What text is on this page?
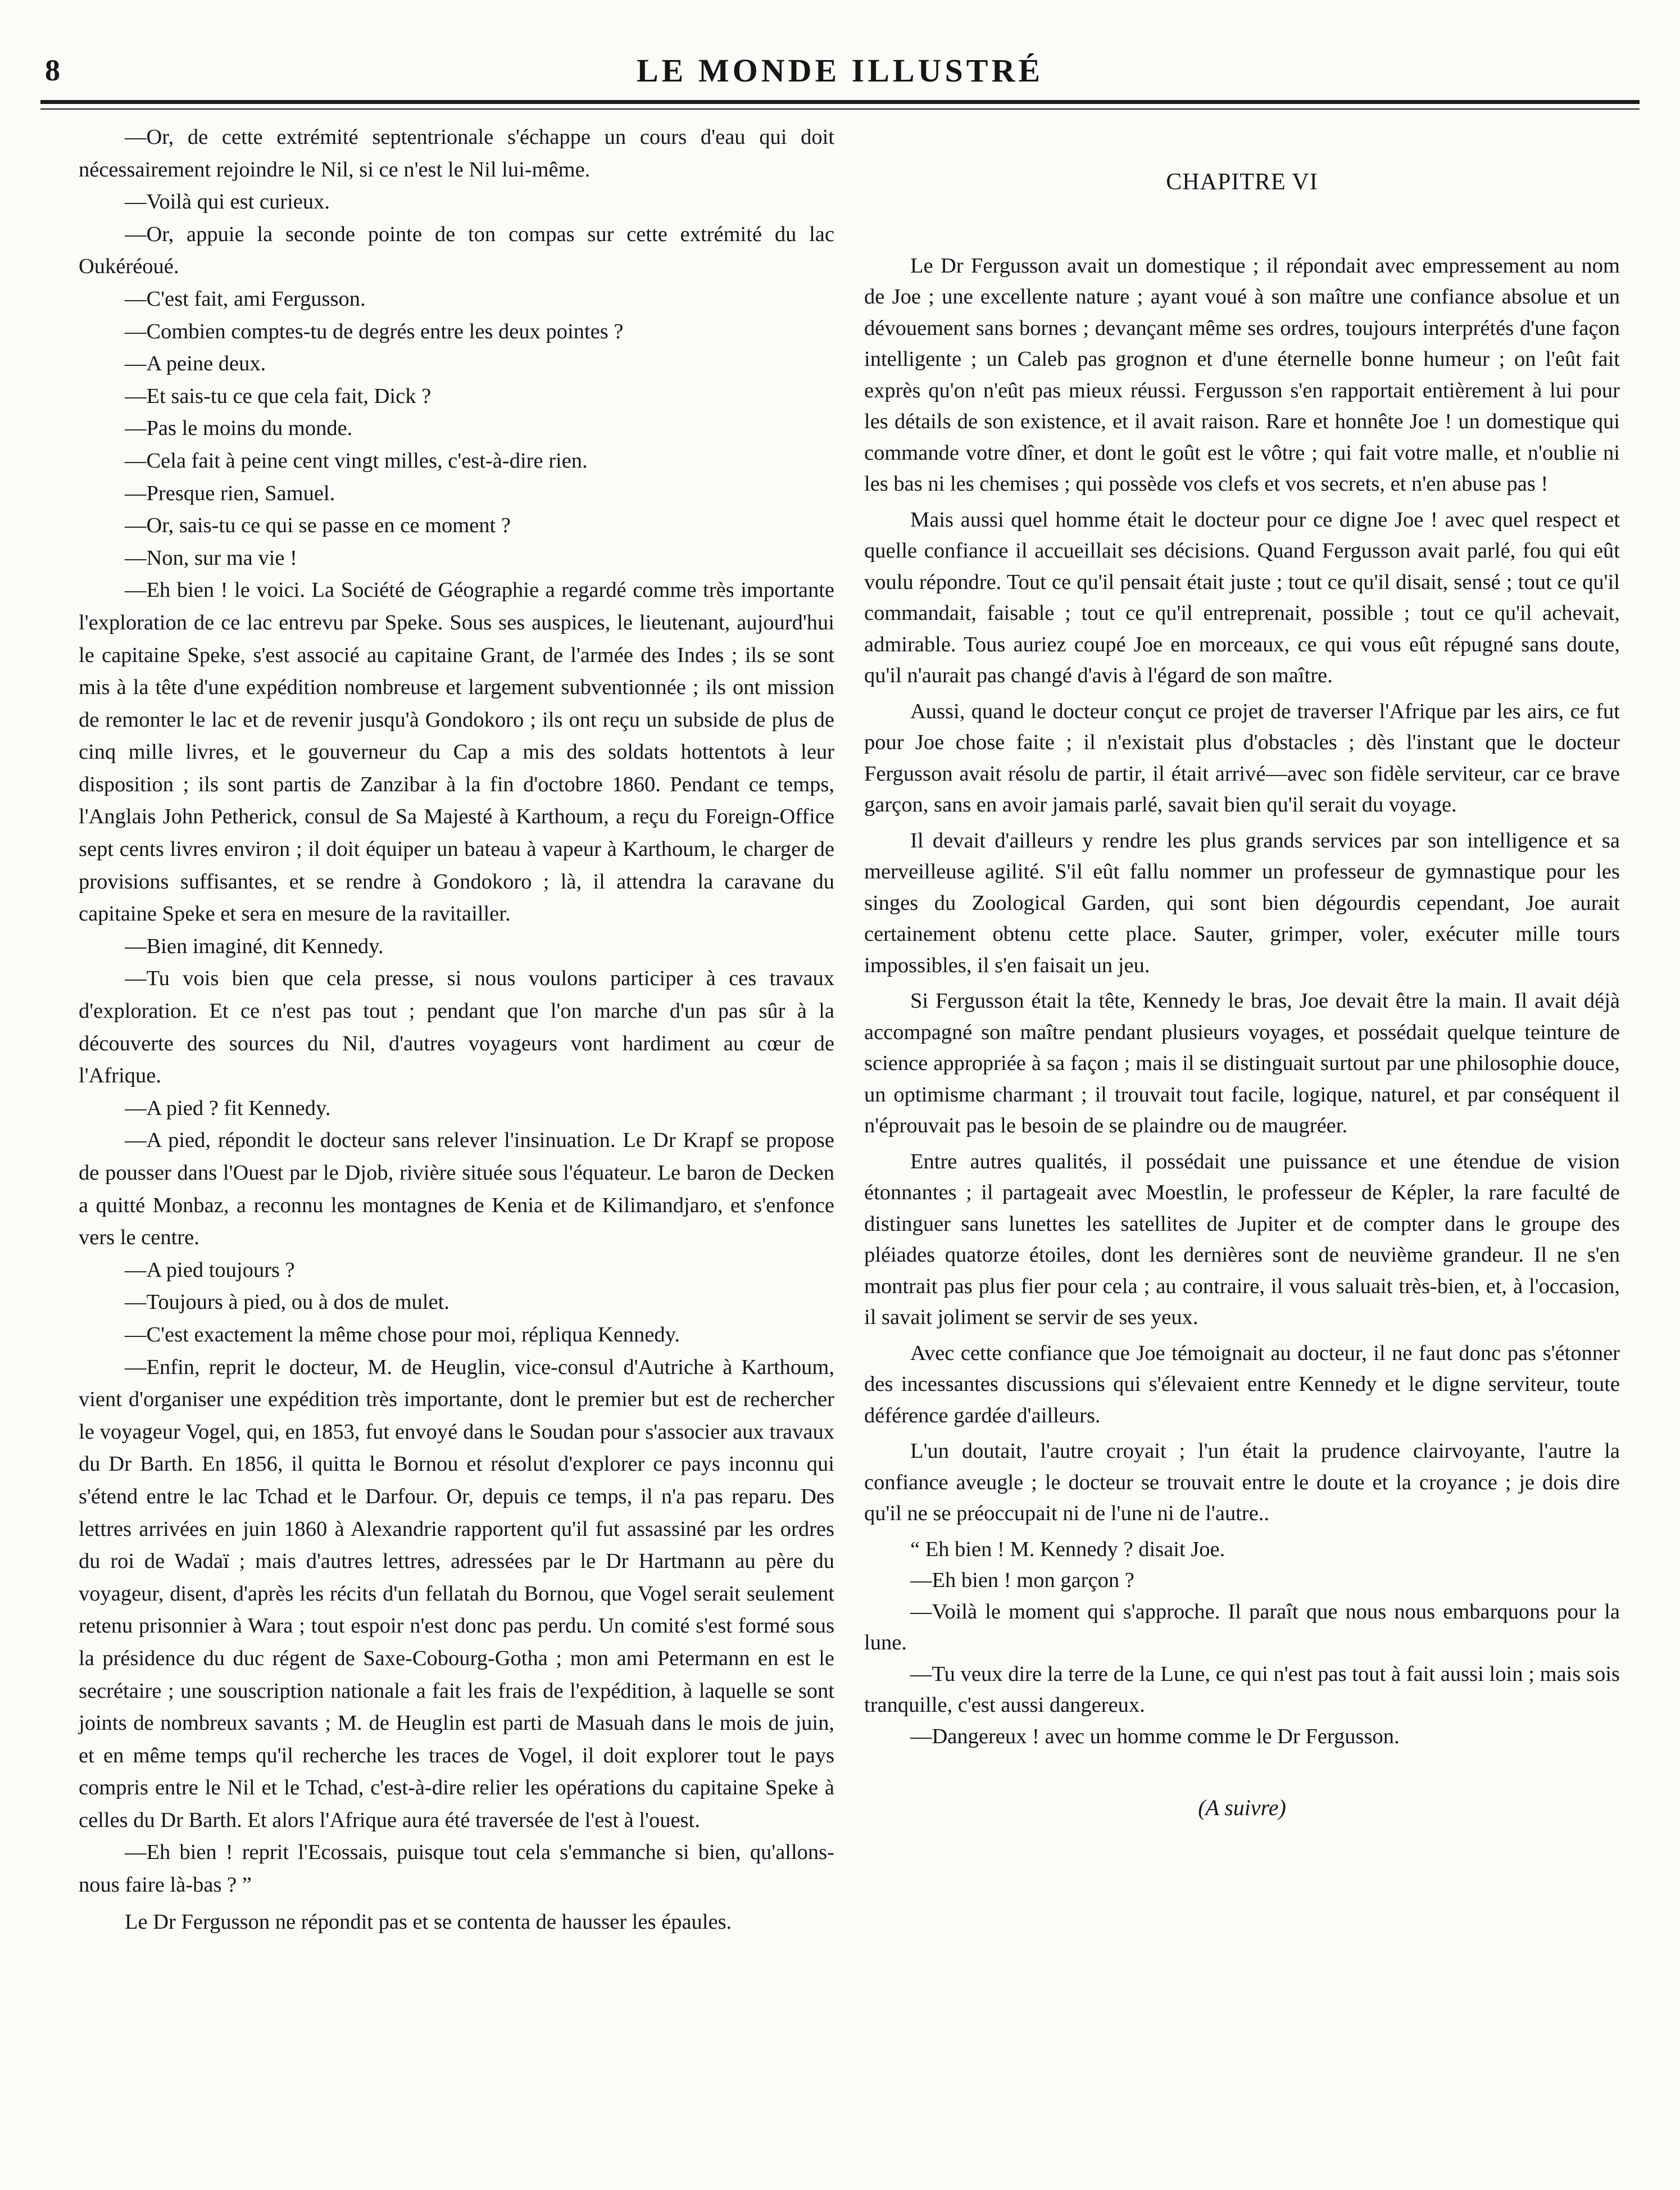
8	LE MONDE ILLUSTRÉ

—Or, de cette extrémité septentrionale s'échappe un cours d'eau qui doit nécessairement rejoindre le Nil, si ce n'est le Nil lui-même.

—Voilà qui est curieux.

—Or, appuie la seconde pointe de ton compas sur cette extrémité du lac Oukéréoué.

—C'est fait, ami Fergusson.

—Combien comptes-tu de degrés entre les deux pointes ?

—A peine deux.

—Et sais-tu ce que cela fait, Dick ?

—Pas le moins du monde.

—Cela fait à peine cent vingt milles, c'est-à-dire rien.

—Presque rien, Samuel.

—Or, sais-tu ce qui se passe en ce moment ?

—Non, sur ma vie !

—Eh bien ! le voici. La Société de Géographie a regardé comme très importante l'exploration de ce lac entrevu par Speke. Sous ses auspices, le lieutenant, aujourd'hui le capitaine Speke, s'est associé au capitaine Grant, de l'armée des Indes ; ils se sont mis à la tête d'une expédition nombreuse et largement subventionnée ; ils ont mission de remonter le lac et de revenir jusqu'à Gondokoro ; ils ont reçu un subside de plus de cinq mille livres, et le gouverneur du Cap a mis des soldats hottentots à leur disposition ; ils sont partis de Zanzibar à la fin d'octobre 1860. Pendant ce temps, l'Anglais John Petherick, consul de Sa Majesté à Karthoum, a reçu du Foreign-Office sept cents livres environ ; il doit équiper un bateau à vapeur à Karthoum, le charger de provisions suffisantes, et se rendre à Gondokoro ; là, il attendra la caravane du capitaine Speke et sera en mesure de la ravitailler.

—Bien imaginé, dit Kennedy.

—Tu vois bien que cela presse, si nous voulons participer à ces travaux d'exploration. Et ce n'est pas tout ; pendant que l'on marche d'un pas sûr à la découverte des sources du Nil, d'autres voyageurs vont hardiment au cœur de l'Afrique.

—A pied ? fit Kennedy.

—A pied, répondit le docteur sans relever l'insinuation. Le Dr Krapf se propose de pousser dans l'Ouest par le Djob, rivière située sous l'équateur. Le baron de Decken a quitté Monbaz, a reconnu les montagnes de Kenia et de Kilimandjaro, et s'enfonce vers le centre.

—A pied toujours ?

—Toujours à pied, ou à dos de mulet.

—C'est exactement la même chose pour moi, répliqua Kennedy.

—Enfin, reprit le docteur, M. de Heuglin, vice-consul d'Autriche à Karthoum, vient d'organiser une expédition très importante, dont le premier but est de rechercher le voyageur Vogel, qui, en 1853, fut envoyé dans le Soudan pour s'associer aux travaux du Dr Barth. En 1856, il quitta le Bornou et résolut d'explorer ce pays inconnu qui s'étend entre le lac Tchad et le Darfour. Or, depuis ce temps, il n'a pas reparu. Des lettres arrivées en juin 1860 à Alexandrie rapportent qu'il fut assassiné par les ordres du roi de Wadaï ; mais d'autres lettres, adressées par le Dr Hartmann au père du voyageur, disent, d'après les récits d'un fellatah du Bornou, que Vogel serait seulement retenu prisonnier à Wara ; tout espoir n'est donc pas perdu. Un comité s'est formé sous la présidence du duc régent de Saxe-Cobourg-Gotha ; mon ami Petermann en est le secrétaire ; une souscription nationale a fait les frais de l'expédition, à laquelle se sont joints de nombreux savants ; M. de Heuglin est parti de Masuah dans le mois de juin, et en même temps qu'il recherche les traces de Vogel, il doit explorer tout le pays compris entre le Nil et le Tchad, c'est-à-dire relier les opérations du capitaine Speke à celles du Dr Barth. Et alors l'Afrique aura été traversée de l'est à l'ouest.

—Eh bien ! reprit l'Ecossais, puisque tout cela s'emmanche si bien, qu'allons-nous faire là-bas ? ”

Le Dr Fergusson ne répondit pas et se contenta de hausser les épaules.

CHAPITRE VI

Le Dr Fergusson avait un domestique ; il répondait avec empressement au nom de Joe ; une excellente nature ; ayant voué à son maître une confiance absolue et un dévouement sans bornes ; devançant même ses ordres, toujours interprétés d'une façon intelligente ; un Caleb pas grognon et d'une éternelle bonne humeur ; on l'eût fait exprès qu'on n'eût pas mieux réussi. Fergusson s'en rapportait entièrement à lui pour les détails de son existence, et il avait raison. Rare et honnête Joe ! un domestique qui commande votre dîner, et dont le goût est le vôtre ; qui fait votre malle, et n'oublie ni les bas ni les chemises ; qui possède vos clefs et vos secrets, et n'en abuse pas !

Mais aussi quel homme était le docteur pour ce digne Joe ! avec quel respect et quelle confiance il accueillait ses décisions. Quand Fergusson avait parlé, fou qui eût voulu répondre. Tout ce qu'il pensait était juste ; tout ce qu'il disait, sensé ; tout ce qu'il commandait, faisable ; tout ce qu'il entreprenait, possible ; tout ce qu'il achevait, admirable. Tous auriez coupé Joe en morceaux, ce qui vous eût répugné sans doute, qu'il n'aurait pas changé d'avis à l'égard de son maître.

Aussi, quand le docteur conçut ce projet de traverser l'Afrique par les airs, ce fut pour Joe chose faite ; il n'existait plus d'obstacles ; dès l'instant que le docteur Fergusson avait résolu de partir, il était arrivé—avec son fidèle serviteur, car ce brave garçon, sans en avoir jamais parlé, savait bien qu'il serait du voyage.

Il devait d'ailleurs y rendre les plus grands services par son intelligence et sa merveilleuse agilité. S'il eût fallu nommer un professeur de gymnastique pour les singes du Zoological Garden, qui sont bien dégourdis cependant, Joe aurait certainement obtenu cette place. Sauter, grimper, voler, exécuter mille tours impossibles, il s'en faisait un jeu.

Si Fergusson était la tête, Kennedy le bras, Joe devait être la main. Il avait déjà accompagné son maître pendant plusieurs voyages, et possédait quelque teinture de science appropriée à sa façon ; mais il se distinguait surtout par une philosophie douce, un optimisme charmant ; il trouvait tout facile, logique, naturel, et par conséquent il n'éprouvait pas le besoin de se plaindre ou de maugréer.

Entre autres qualités, il possédait une puissance et une étendue de vision étonnantes ; il partageait avec Moestlin, le professeur de Képler, la rare faculté de distinguer sans lunettes les satellites de Jupiter et de compter dans le groupe des pléiades quatorze étoiles, dont les dernières sont de neuvième grandeur. Il ne s'en montrait pas plus fier pour cela ; au contraire, il vous saluait très-bien, et, à l'occasion, il savait joliment se servir de ses yeux.

Avec cette confiance que Joe témoignait au docteur, il ne faut donc pas s'étonner des incessantes discussions qui s'élevaient entre Kennedy et le digne serviteur, toute déférence gardée d'ailleurs.

L'un doutait, l'autre croyait ; l'un était la prudence clairvoyante, l'autre la confiance aveugle ; le docteur se trouvait entre le doute et la croyance ; je dois dire qu'il ne se préoccupait ni de l'une ni de l'autre..

“ Eh bien ! M. Kennedy ? disait Joe.

—Eh bien ! mon garçon ?

—Voilà le moment qui s'approche. Il paraît que nous nous embarquons pour la lune.

—Tu veux dire la terre de la Lune, ce qui n'est pas tout à fait aussi loin ; mais sois tranquille, c'est aussi dangereux.

—Dangereux ! avec un homme comme le Dr Fergusson.

(A suivre)
